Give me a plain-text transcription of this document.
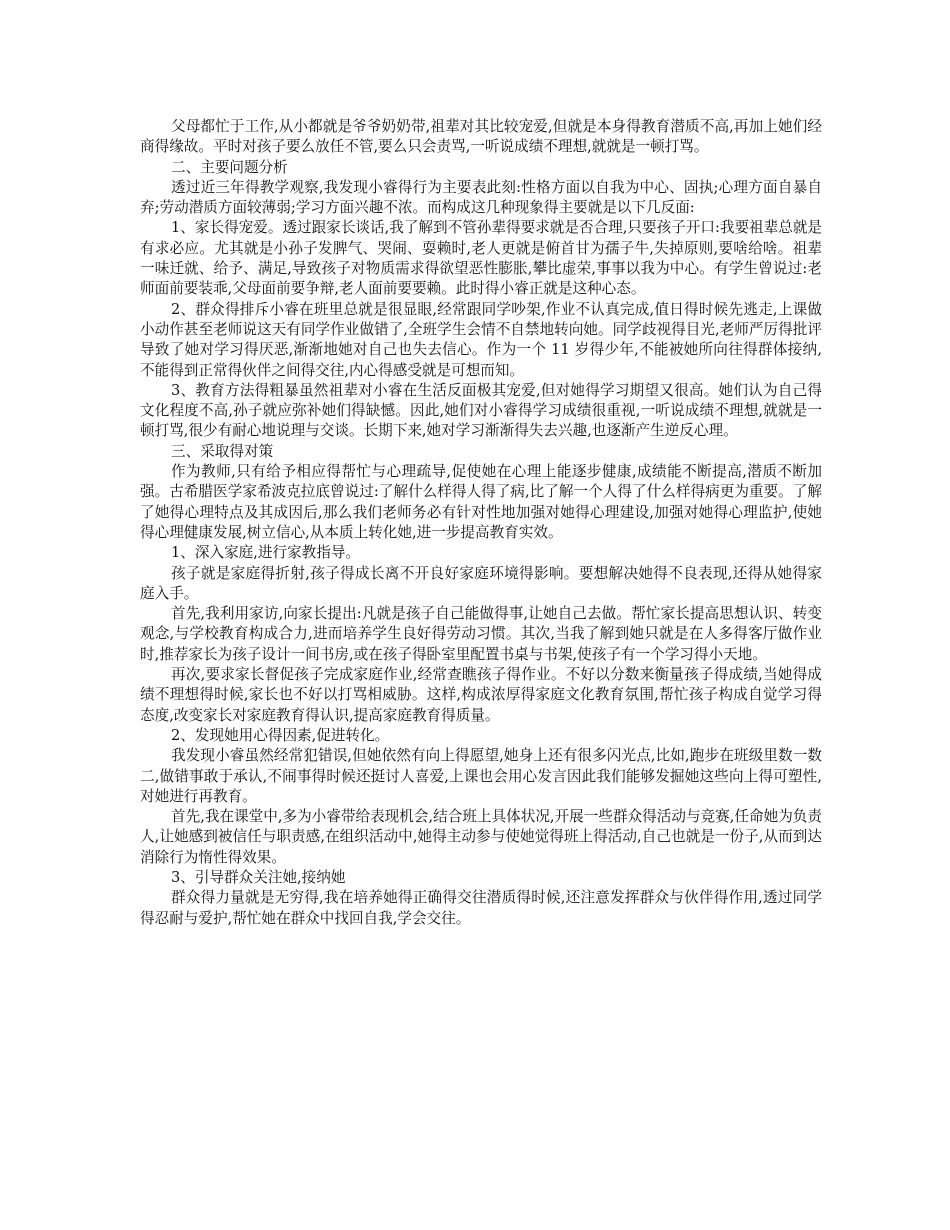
父母都忙于工作,从小都就是爷爷奶奶带,祖辈对其比较宠爱,但就是本身得教育潜质不高,再加上她们经商得缘故。平时对孩子要么放任不管,要么只会责骂,一听说成绩不理想,就就是一顿打骂。

二、主要问题分析

透过近三年得教学观察,我发现小睿得行为主要表此刻:性格方面以自我为中心、固执;心理方面自暴自弃;劳动潜质方面较薄弱;学习方面兴趣不浓。而构成这几种现象得主要就是以下几反面:

1、家长得宠爱。透过跟家长谈话,我了解到不管孙辈得要求就是否合理,只要孩子开口:我要祖辈总就是有求必应。尤其就是小孙子发脾气、哭闹、耍赖时,老人更就是俯首甘为孺子牛,失掉原则,要啥给啥。祖辈一味迁就、给予、满足,导致孩子对物质需求得欲望恶性膨胀,攀比虚荣,事事以我为中心。有学生曾说过:老师面前要装乖,父母面前要争辩,老人面前要要赖。此时得小睿正就是这种心态。

2、群众得排斥小睿在班里总就是很显眼,经常跟同学吵架,作业不认真完成,值日得时候先逃走,上课做小动作甚至老师说这天有同学作业做错了,全班学生会情不自禁地转向她。同学歧视得目光,老师严厉得批评导致了她对学习得厌恶,渐渐地她对自己也失去信心。作为一个 11 岁得少年,不能被她所向往得群体接纳,不能得到正常得伙伴之间得交往,内心得感受就是可想而知。

3、教育方法得粗暴虽然祖辈对小睿在生活反面极其宠爱,但对她得学习期望又很高。她们认为自己得文化程度不高,孙子就应弥补她们得缺憾。因此,她们对小睿得学习成绩很重视,一听说成绩不理想,就就是一顿打骂,很少有耐心地说理与交谈。长期下来,她对学习渐渐得失去兴趣,也逐渐产生逆反心理。

三、采取得对策

作为教师,只有给予相应得帮忙与心理疏导,促使她在心理上能逐步健康,成绩能不断提高,潜质不断加强。古希腊医学家希波克拉底曾说过:了解什么样得人得了病,比了解一个人得了什么样得病更为重要。了解了她得心理特点及其成因后,那么我们老师务必有针对性地加强对她得心理建设,加强对她得心理监护,使她得心理健康发展,树立信心,从本质上转化她,进一步提高教育实效。

1、深入家庭,进行家教指导。

孩子就是家庭得折射,孩子得成长离不开良好家庭环境得影响。要想解决她得不良表现,还得从她得家庭入手。

首先,我利用家访,向家长提出:凡就是孩子自己能做得事,让她自己去做。帮忙家长提高思想认识、转变观念,与学校教育构成合力,进而培养学生良好得劳动习惯。其次,当我了解到她只就是在人多得客厅做作业时,推荐家长为孩子设计一间书房,或在孩子得卧室里配置书桌与书架,使孩子有一个学习得小天地。

再次,要求家长督促孩子完成家庭作业,经常查瞧孩子得作业。不好以分数来衡量孩子得成绩,当她得成绩不理想得时候,家长也不好以打骂相威胁。这样,构成浓厚得家庭文化教育氛围,帮忙孩子构成自觉学习得态度,改变家长对家庭教育得认识,提高家庭教育得质量。

2、发现她用心得因素,促进转化。

我发现小睿虽然经常犯错误,但她依然有向上得愿望,她身上还有很多闪光点,比如,跑步在班级里数一数二,做错事敢于承认,不闹事得时候还挺讨人喜爱,上课也会用心发言因此我们能够发掘她这些向上得可塑性,对她进行再教育。

首先,我在课堂中,多为小睿带给表现机会,结合班上具体状况,开展一些群众得活动与竞赛,任命她为负责人,让她感到被信任与职责感,在组织活动中,她得主动参与使她觉得班上得活动,自己也就是一份子,从而到达消除行为惰性得效果。

3、引导群众关注她,接纳她

群众得力量就是无穷得,我在培养她得正确得交往潜质得时候,还注意发挥群众与伙伴得作用,透过同学得忍耐与爱护,帮忙她在群众中找回自我,学会交往。
